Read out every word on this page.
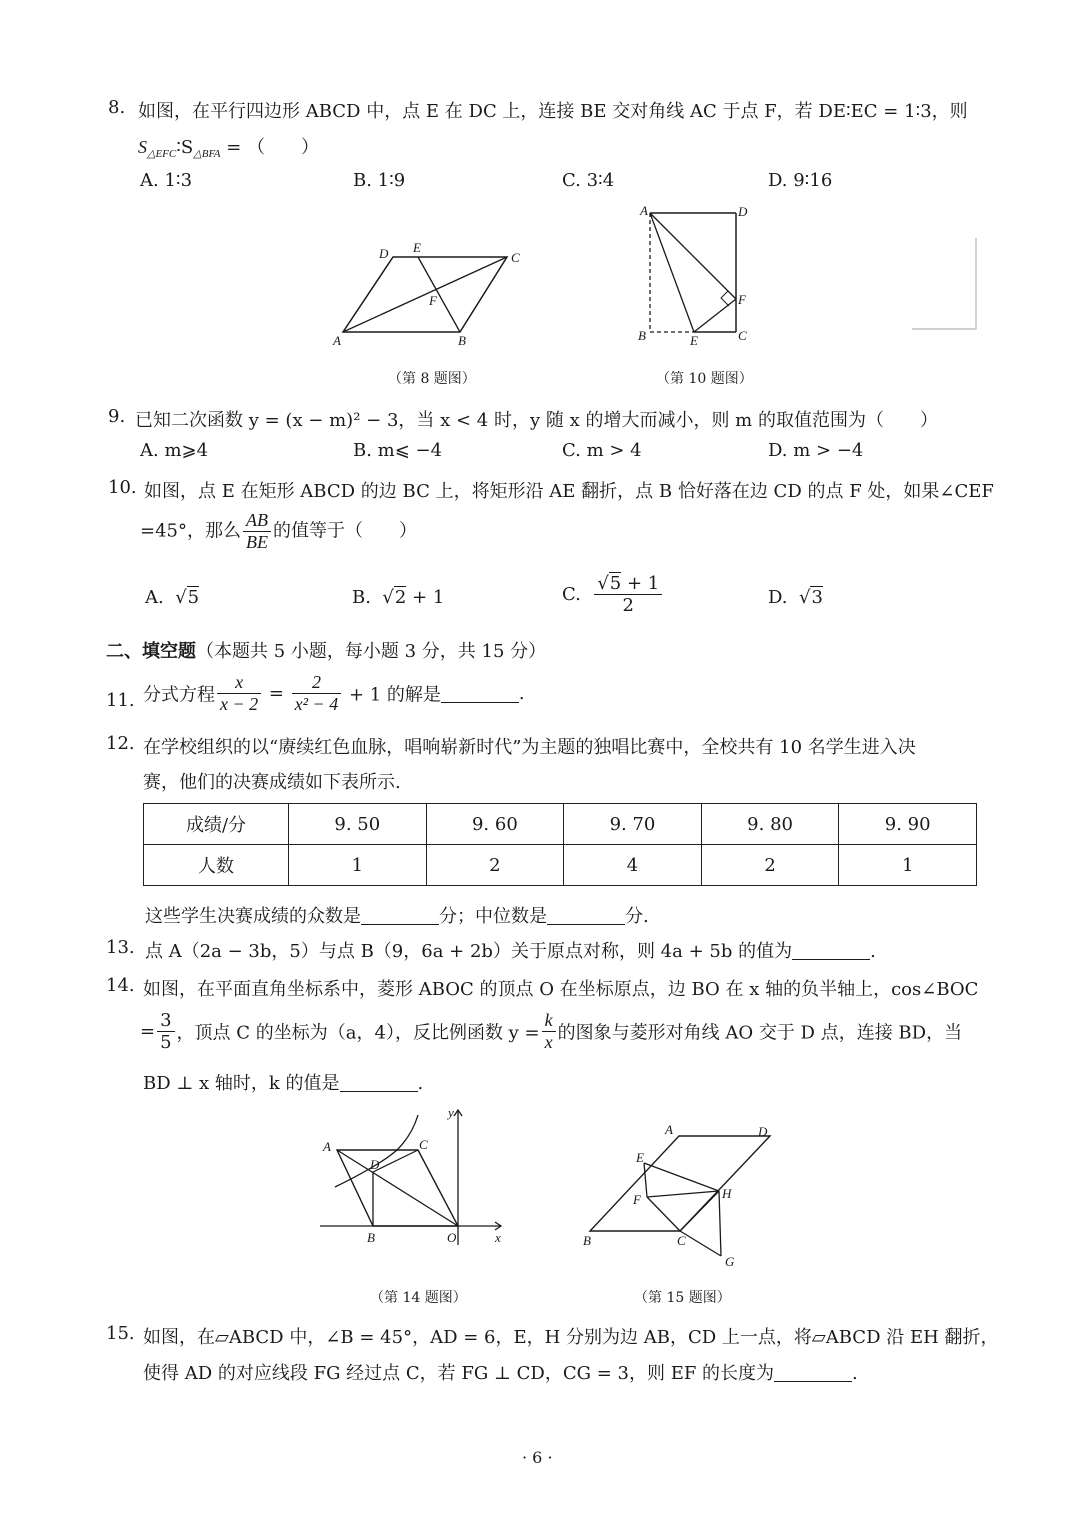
8. 如图，在平行四边形 ABCD 中，点 E 在 DC 上，连接 BE 交对角线 AC 于点 F，若 DE∶EC = 1∶3，则
$S_{\triangle EFC}∶S_{\triangle BFA}$ = （　　）
A. 1∶3	B. 1∶9	C. 3∶4	D. 9∶16
A	B
C
D E
F
（第 8 题图）
A	D
F
B	E	C
（第 10 题图）
9. 已知二次函数 y = (x − m)² − 3，当 x < 4 时，y 随 x 的增大而减小，则 m 的取值范围为（　　）
A. m⩾4	B. m⩽ −4	C. m > 4	D. m > −4
10. 如图，点 E 在矩形 ABCD 的边 BC 上，将矩形沿 AE 翻折，点 B 恰好落在边 CD 的点 F 处，如果∠CEF
=45°，那么 $\frac{AB}{BE}$ 的值等于（　　）
A. √5	B. √2 + 1	C. $\frac{√5 + 1}{2}$	D. √3
二、填空题（本题共 5 小题，每小题 3 分，共 15 分）
11. 分式方程 $\frac{x}{x - 2} = \frac{2}{\text{x² − 4}} + 1$ 的解是	.
12. 在学校组织的以“赓续红色血脉，唱响崭新时代”为主题的独唱比赛中，全校共有 10 名学生进入决
赛，他们的决赛成绩如下表所示.
成绩/分	9. 50	9. 60	9. 70	9. 80	9. 90
人数	1	2	4	2	1
这些学生决赛成绩的众数是	分；中位数是	分.
13. 点 A（2a − 3b，5）与点 B（9，6a + 2b）关于原点对称，则 4a + 5b 的值为	.
14. 如图，在平面直角坐标系中，菱形 ABOC 的顶点 O 在坐标原点，边 BO 在 x 轴的负半轴上，cos∠BOC
= $\frac{3}{5}$ ，顶点 C 的坐标为（a，4），反比例函数 $y = \frac{k}{x}$ 的图象与菱形对角线 AO 交于 D 点，连接 BD，当
BD ⊥ x 轴时，k 的值是	.
A	C
D
B	O	x
y
（第 14 题图）
A	D
E
F	H
B	C
G
（第 15 题图）
15. 如图，在▱ABCD 中，∠B = 45°，AD = 6，E，H 分别为边 AB，CD 上一点，将▱ABCD 沿 EH 翻折，
使得 AD 的对应线段 FG 经过点 C，若 FG ⊥ CD，CG = 3，则 EF 的长度为	.
· 6 ·
